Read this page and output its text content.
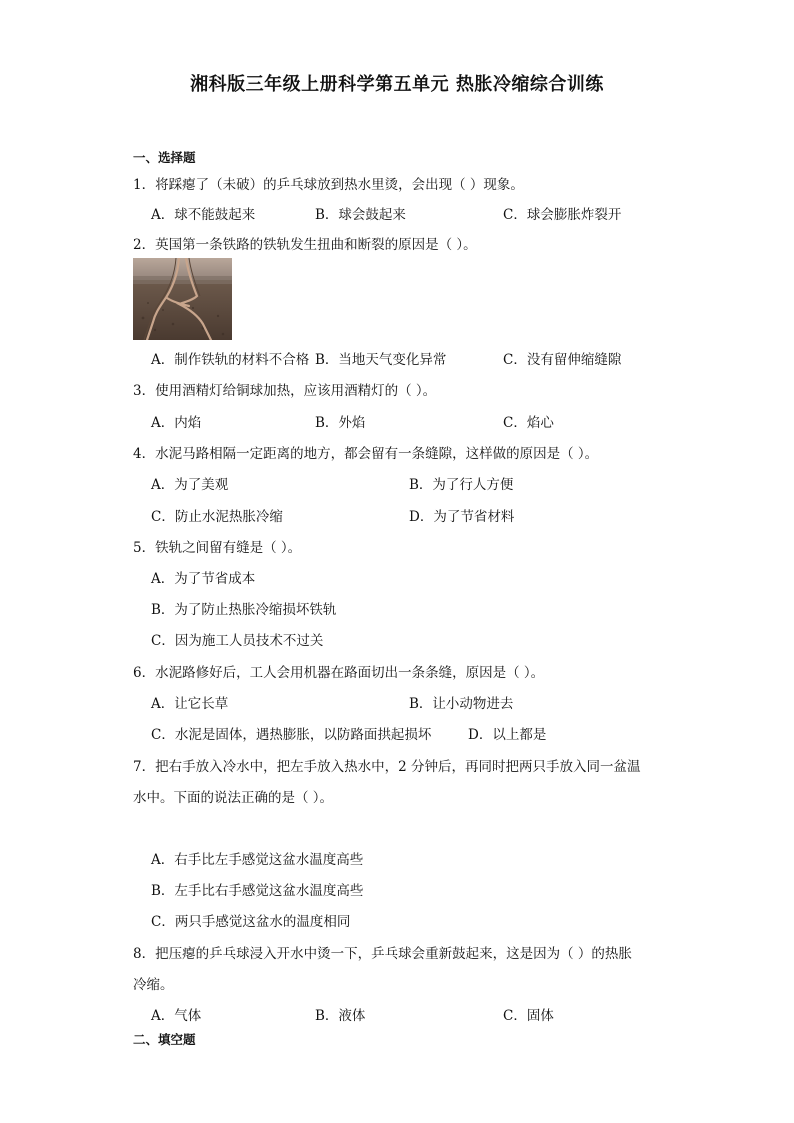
湘科版三年级上册科学第五单元 热胀冷缩综合训练
一、选择题
1．将踩瘪了（未破）的乒乓球放到热水里烫，会出现（ ）现象。
A．球不能鼓起来	B．球会鼓起来	C．球会膨胀炸裂开
2．英国第一条铁路的铁轨发生扭曲和断裂的原因是（ ）。
A．制作铁轨的材料不合格 B．当地天气变化异常	C．没有留伸缩缝隙
3．使用酒精灯给铜球加热，应该用酒精灯的（ ）。
A．内焰	B．外焰	C．焰心
4．水泥马路相隔一定距离的地方，都会留有一条缝隙，这样做的原因是（ ）。
A．为了美观	B．为了行人方便
C．防止水泥热胀冷缩	D．为了节省材料
5．铁轨之间留有缝是（ ）。
A．为了节省成本
B．为了防止热胀冷缩损坏铁轨
C．因为施工人员技术不过关
6．水泥路修好后，工人会用机器在路面切出一条条缝，原因是（ ）。
A．让它长草	B．让小动物进去
C．水泥是固体，遇热膨胀，以防路面拱起损坏	D．以上都是
7．把右手放入冷水中，把左手放入热水中，2 分钟后，再同时把两只手放入同一盆温
水中。下面的说法正确的是（ ）。
A．右手比左手感觉这盆水温度高些
B．左手比右手感觉这盆水温度高些
C．两只手感觉这盆水的温度相同
8．把压瘪的乒乓球浸入开水中烫一下，乒乓球会重新鼓起来，这是因为（ ）的热胀
冷缩。
A．气体	B．液体	C．固体
二、填空题
